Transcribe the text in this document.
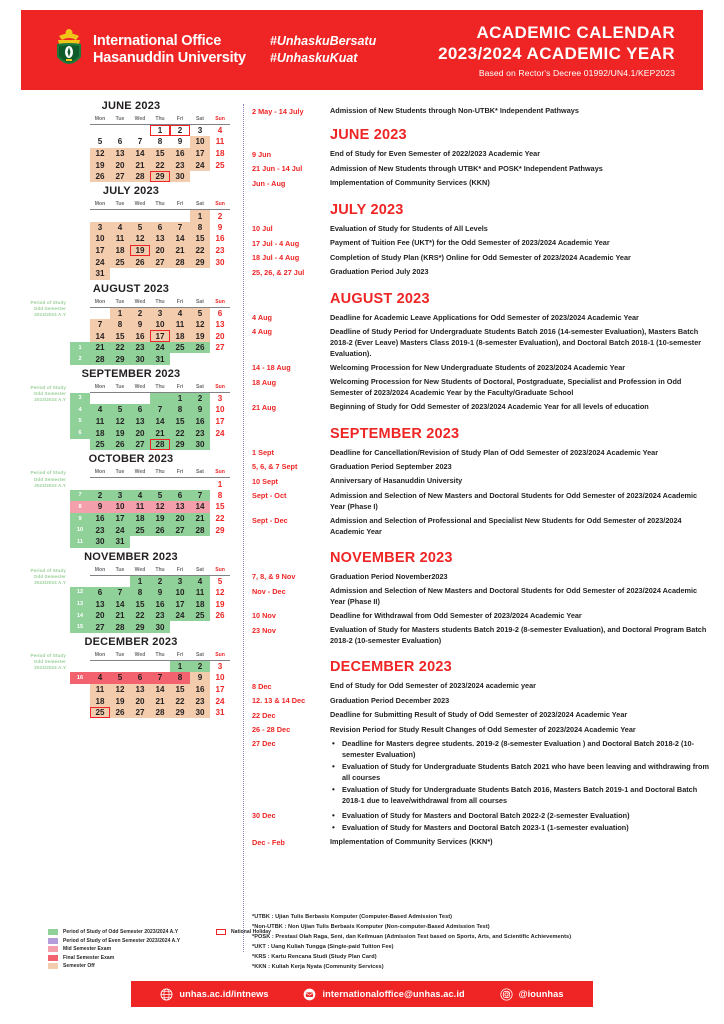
International Office
Hasanuddin University
#UnhaskuBersatu
#UnhaskuKuat
ACADEMIC CALENDAR
2023/2024 ACADEMIC YEAR
Based on Rector's Decree 01992/UN4.1/KEP2023
JUNE 2023
	Mon	Tue	Wed	Thu	Fri	Sat	Sun
				1	2	3	4
	5	6	7	8	9	10	11
	12	13	14	15	16	17	18
	19	20	21	22	23	24	25
	26	27	28	29	30		
JULY 2023
	Mon	Tue	Wed	Thu	Fri	Sat	Sun
						1	2
	3	4	5	6	7	8	9
	10	11	12	13	14	15	16
	17	18	19	20	21	22	23
	24	25	26	27	28	29	30
	31						
AUGUST 2023
Period of Study
Odd Semester
2023/2024 A.Y
	Mon	Tue	Wed	Thu	Fri	Sat	Sun
		1	2	3	4	5	6
	7	8	9	10	11	12	13
	14	15	16	17	18	19	20
1	21	22	23	24	25	26	27
2	28	29	30	31			
SEPTEMBER 2023
Period of Study
Odd Semester
2023/2024 A.Y
	Mon	Tue	Wed	Thu	Fri	Sat	Sun
3					1	2	3
4	4	5	6	7	8	9	10
5	11	12	13	14	15	16	17
6	18	19	20	21	22	23	24
	25	26	27	28	29	30	
OCTOBER 2023
Period of Study
Odd Semester
2023/2024 A.Y
	Mon	Tue	Wed	Thu	Fri	Sat	Sun
							1
7	2	3	4	5	6	7	8
8	9	10	11	12	13	14	15
9	16	17	18	19	20	21	22
10	23	24	25	26	27	28	29
11	30	31					
NOVEMBER 2023
Period of Study
Odd Semester
2023/2024 A.Y
	Mon	Tue	Wed	Thu	Fri	Sat	Sun
			1	2	3	4	5
12	6	7	8	9	10	11	12
13	13	14	15	16	17	18	19
14	20	21	22	23	24	25	26
15	27	28	29	30			
DECEMBER 2023
Period of Study
Odd Semester
2023/2024 A.Y
	Mon	Tue	Wed	Thu	Fri	Sat	Sun
					1	2	3
16	4	5	6	7	8	9	10
	11	12	13	14	15	16	17
	18	19	20	21	22	23	24
	25	26	27	28	29	30	31
2 May - 14 July	Admission of New Students through Non-UTBK* Independent Pathways
JUNE 2023
9 Jun	End of Study for Even Semester of 2022/2023 Academic Year
21 Jun - 14 Jul	Admission of New Students through UTBK* and POSK* Independent Pathways
Jun - Aug	Implementation of Community Services (KKN)
JULY 2023
10 Jul	Evaluation of Study for Students of All Levels
17 Jul - 4 Aug	Payment of Tuition Fee (UKT*) for the Odd Semester of 2023/2024 Academic Year
18 Jul - 4 Aug	Completion of Study Plan (KRS*) Online for Odd Semester of 2023/2024 Academic Year
25, 26, & 27 Jul	Graduation Period July 2023
AUGUST 2023
4 Aug	Deadline for Academic Leave Applications for Odd Semester of 2023/2024 Academic Year
4 Aug	Deadline of Study Period for Undergraduate Students Batch 2016 (14-semester Evaluation), Masters Batch 2018-2 (Ever Leave) Masters Class 2019-1 (8-semester Evaluation), and Doctoral Batch 2018-1 (10-semester Evaluation).
14 - 18 Aug	Welcoming Procession for New Undergraduate Students of 2023/2024 Academic Year
18 Aug	Welcoming Procession for New Students of Doctoral, Postgraduate, Specialist and Profession in Odd Semester of 2023/2024 Academic Year by the Faculty/Graduate School
21 Aug	Beginning of Study for Odd Semester of 2023/2024 Academic Year for all levels of education
SEPTEMBER 2023
1 Sept	Deadline for Cancellation/Revision of Study Plan of Odd Semester of 2023/2024 Academic Year
5, 6, & 7 Sept	Graduation Period September 2023
10 Sept	Anniversary of Hasanuddin University
Sept - Oct	Admission and Selection of New Masters and Doctoral Students for Odd Semester of 2023/2024 Academic Year (Phase I)
Sept - Dec	Admission and Selection of Professional and Specialist New Students for Odd Semester of 2023/2024 Academic Year
NOVEMBER 2023
7, 8, & 9 Nov	Graduation Period November2023
Nov - Dec	Admission and Selection of New Masters and Doctoral Students for Odd Semester of 2023/2024 Academic Year (Phase II)
10 Nov	Deadline for Withdrawal from Odd Semester of 2023/2024 Academic Year
23 Nov	Evaluation of Study for Masters students Batch 2019-2 (8-semester Evaluation), and Doctoral Program Batch 2018-2 (10-semester Evaluation)
DECEMBER 2023
8 Dec	End of Study for Odd Semester of 2023/2024 academic year
12. 13 & 14 Dec	Graduation Period December 2023
22 Dec	Deadline for Submitting Result of Study of Odd Semester of 2023/2024 Academic Year
26 - 28 Dec	Revision Period for Study Result Changes of Odd Semester of 2023/2024 Academic Year
27 Dec	• Deadline for Masters degree students. 2019-2 (8-semester Evaluation ) and Doctoral Batch 2018-2 (10-semester Evaluation)
• Evaluation of Study for Undergraduate Students Batch 2021 who have been leaving and withdrawing from all courses
• Evaluation of Study for Undergraduate Students Batch 2016, Masters Batch 2019-1 and Doctoral Batch 2018-1 due to leave/withdrawal from all courses
30 Dec	• Evaluation of Study for Masters and Doctoral Batch 2022-2 (2-semester Evaluation)
• Evaluation of Study for Masters and Doctoral Batch 2023-1 (1-semester evaluation)
Dec - Feb	Implementation of Community Services (KKN*)
*UTBK : Ujian Tulis Berbasis Komputer (Computer-Based Admission Test)
*Non-UTBK : Non Ujian Tulis Berbasis Komputer (Non-computer-Based Admission Test)
*POSK : Prestasi Olah Raga, Seni, dan Keilmuan (Admission Test based on Sports, Arts, and Scientific Achievements)
*UKT : Uang Kuliah Tungga (Single-paid Tuition Fee)
*KRS : Kartu Rencana Studi (Study Plan Card)
*KKN : Kuliah Kerja Nyata (Community Services)
Period of Study of Odd Semester 2023/2024 A.Y
Period of Study of Even Semester 2023/2024 A.Y
Mid Semester Exam
Final Semester Exam
Semester Off
National Holiday
unhas.ac.id/intnews	internationaloffice@unhas.ac.id	@iounhas
